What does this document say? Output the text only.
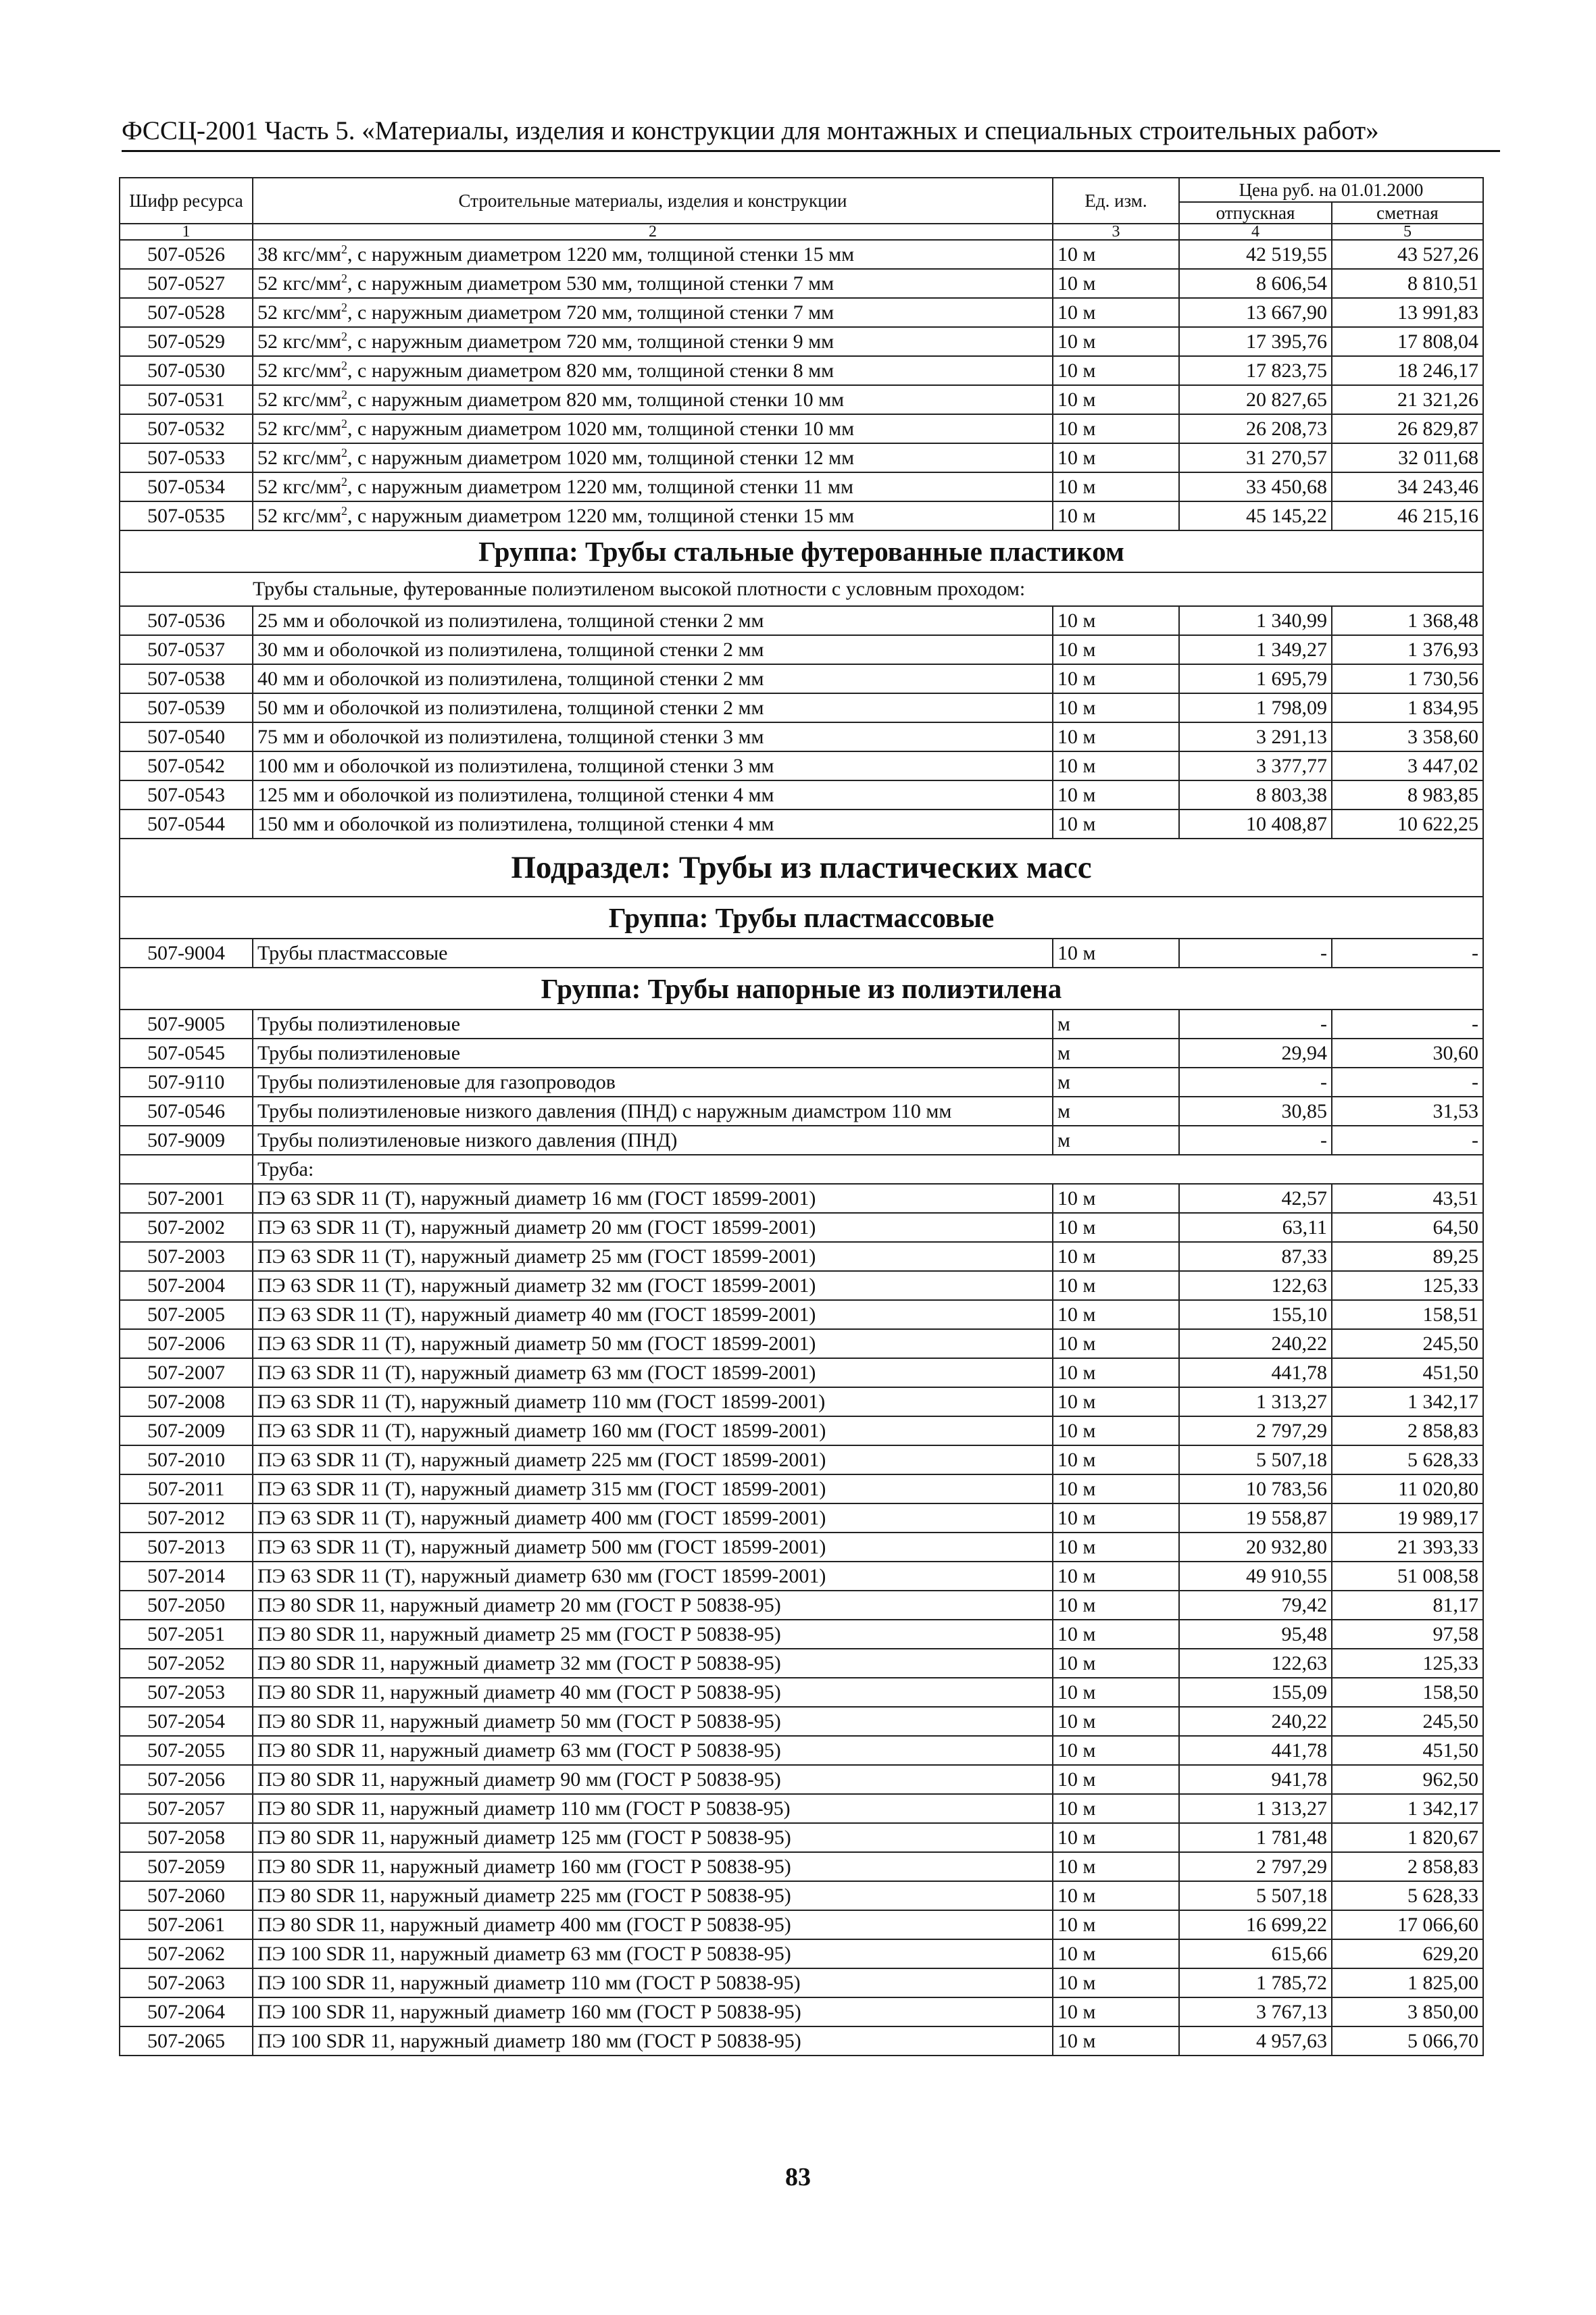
ФССЦ-2001 Часть 5. «Материалы, изделия и конструкции для монтажных и специальных строительных работ»
Шифр ресурса	Строительные материалы, изделия и конструкции	Ед. изм.	Цена руб. на 01.01.2000	
			отпускная	сметная
1	2	3	4	5
507-0526	38 кгс/$мм^2$, с наружным диаметром 1220 мм, толщиной стенки 15 мм	10 м	42 519,55	43 527,26
507-0527	52 кгс/$мм^2$, с наружным диаметром 530 мм, толщиной стенки 7 мм	10 м	8 606,54	8 810,51
507-0528	52 кгс/$мм^2$, с наружным диаметром 720 мм, толщиной стенки 7 мм	10 м	13 667,90	13 991,83
507-0529	52 кгс/$мм^2$, с наружным диаметром 720 мм, толщиной стенки 9 мм	10 м	17 395,76	17 808,04
507-0530	52 кгс/$мм^2$, с наружным диаметром 820 мм, толщиной стенки 8 мм	10 м	17 823,75	18 246,17
507-0531	52 кгс/$мм^2$, с наружным диаметром 820 мм, толщиной стенки 10 мм	10 м	20 827,65	21 321,26
507-0532	52 кгс/$мм^2$, с наружным диаметром 1020 мм, толщиной стенки 10 мм	10 м	26 208,73	26 829,87
507-0533	52 кгс/$мм^2$, с наружным диаметром 1020 мм, толщиной стенки 12 мм	10 м	31 270,57	32 011,68
507-0534	52 кгс/$мм^2$, с наружным диаметром 1220 мм, толщиной стенки 11 мм	10 м	33 450,68	34 243,46
507-0535	52 кгс/$мм^2$, с наружным диаметром 1220 мм, толщиной стенки 15 мм	10 м	45 145,22	46 215,16
Группа: Трубы стальные футерованные пластиком				
Трубы стальные, футерованные полиэтиленом высокой плотности с условным проходом:				
507-0536	25 мм и оболочкой из полиэтилена, толщиной стенки 2 мм	10 м	1 340,99	1 368,48
507-0537	30 мм и оболочкой из полиэтилена, толщиной стенки 2 мм	10 м	1 349,27	1 376,93
507-0538	40 мм и оболочкой из полиэтилена, толщиной стенки 2 мм	10 м	1 695,79	1 730,56
507-0539	50 мм и оболочкой из полиэтилена, толщиной стенки 2 мм	10 м	1 798,09	1 834,95
507-0540	75 мм и оболочкой из полиэтилена, толщиной стенки 3 мм	10 м	3 291,13	3 358,60
507-0542	100 мм и оболочкой из полиэтилена, толщиной стенки 3 мм	10 м	3 377,77	3 447,02
507-0543	125 мм и оболочкой из полиэтилена, толщиной стенки 4 мм	10 м	8 803,38	8 983,85
507-0544	150 мм и оболочкой из полиэтилена, толщиной стенки 4 мм	10 м	10 408,87	10 622,25
Подраздел: Трубы из пластических масс				
Группа: Трубы пластмассовые				
507-9004	Трубы пластмассовые	10 м	-	-
Группа: Трубы напорные из полиэтилена				
507-9005	Трубы полиэтиленовые	м	-	-
507-0545	Трубы полиэтиленовые	м	29,94	30,60
507-9110	Трубы полиэтиленовые для газопроводов	м	-	-
507-0546	Трубы полиэтиленовые низкого давления (ПНД) с наружным диамстром 110 мм	м	30,85	31,53
507-9009	Трубы полиэтиленовые низкого давления (ПНД)	м	-	-
	Труба:			
507-2001	ПЭ 63 SDR 11 (T), наружный диаметр 16 мм (ГОСТ 18599-2001)	10 м	42,57	43,51
507-2002	ПЭ 63 SDR 11 (T), наружный диаметр 20 мм (ГОСТ 18599-2001)	10 м	63,11	64,50
507-2003	ПЭ 63 SDR 11 (T), наружный диаметр 25 мм (ГОСТ 18599-2001)	10 м	87,33	89,25
507-2004	ПЭ 63 SDR 11 (T), наружный диаметр 32 мм (ГОСТ 18599-2001)	10 м	122,63	125,33
507-2005	ПЭ 63 SDR 11 (T), наружный диаметр 40 мм (ГОСТ 18599-2001)	10 м	155,10	158,51
507-2006	ПЭ 63 SDR 11 (T), наружный диаметр 50 мм (ГОСТ 18599-2001)	10 м	240,22	245,50
507-2007	ПЭ 63 SDR 11 (T), наружный диаметр 63 мм (ГОСТ 18599-2001)	10 м	441,78	451,50
507-2008	ПЭ 63 SDR 11 (T), наружный диаметр 110 мм (ГОСТ 18599-2001)	10 м	1 313,27	1 342,17
507-2009	ПЭ 63 SDR 11 (T), наружный диаметр 160 мм (ГОСТ 18599-2001)	10 м	2 797,29	2 858,83
507-2010	ПЭ 63 SDR 11 (T), наружный диаметр 225 мм (ГОСТ 18599-2001)	10 м	5 507,18	5 628,33
507-2011	ПЭ 63 SDR 11 (T), наружный диаметр 315 мм (ГОСТ 18599-2001)	10 м	10 783,56	11 020,80
507-2012	ПЭ 63 SDR 11 (T), наружный диаметр 400 мм (ГОСТ 18599-2001)	10 м	19 558,87	19 989,17
507-2013	ПЭ 63 SDR 11 (T), наружный диаметр 500 мм (ГОСТ 18599-2001)	10 м	20 932,80	21 393,33
507-2014	ПЭ 63 SDR 11 (T), наружный диаметр 630 мм (ГОСТ 18599-2001)	10 м	49 910,55	51 008,58
507-2050	ПЭ 80 SDR 11, наружный диаметр 20 мм (ГОСТ Р 50838-95)	10 м	79,42	81,17
507-2051	ПЭ 80 SDR 11, наружный диаметр 25 мм (ГОСТ Р 50838-95)	10 м	95,48	97,58
507-2052	ПЭ 80 SDR 11, наружный диаметр 32 мм (ГОСТ Р 50838-95)	10 м	122,63	125,33
507-2053	ПЭ 80 SDR 11, наружный диаметр 40 мм (ГОСТ Р 50838-95)	10 м	155,09	158,50
507-2054	ПЭ 80 SDR 11, наружный диаметр 50 мм (ГОСТ Р 50838-95)	10 м	240,22	245,50
507-2055	ПЭ 80 SDR 11, наружный диаметр 63 мм (ГОСТ Р 50838-95)	10 м	441,78	451,50
507-2056	ПЭ 80 SDR 11, наружный диаметр 90 мм (ГОСТ Р 50838-95)	10 м	941,78	962,50
507-2057	ПЭ 80 SDR 11, наружный диаметр 110 мм (ГОСТ Р 50838-95)	10 м	1 313,27	1 342,17
507-2058	ПЭ 80 SDR 11, наружный диаметр 125 мм (ГОСТ Р 50838-95)	10 м	1 781,48	1 820,67
507-2059	ПЭ 80 SDR 11, наружный диаметр 160 мм (ГОСТ Р 50838-95)	10 м	2 797,29	2 858,83
507-2060	ПЭ 80 SDR 11, наружный диаметр 225 мм (ГОСТ Р 50838-95)	10 м	5 507,18	5 628,33
507-2061	ПЭ 80 SDR 11, наружный диаметр 400 мм (ГОСТ Р 50838-95)	10 м	16 699,22	17 066,60
507-2062	ПЭ 100 SDR 11, наружный диаметр 63 мм (ГОСТ Р 50838-95)	10 м	615,66	629,20
507-2063	ПЭ 100 SDR 11, наружный диаметр 110 мм (ГОСТ Р 50838-95)	10 м	1 785,72	1 825,00
507-2064	ПЭ 100 SDR 11, наружный диаметр 160 мм (ГОСТ Р 50838-95)	10 м	3 767,13	3 850,00
507-2065	ПЭ 100 SDR 11, наружный диаметр 180 мм (ГОСТ Р 50838-95)	10 м	4 957,63	5 066,70
83
